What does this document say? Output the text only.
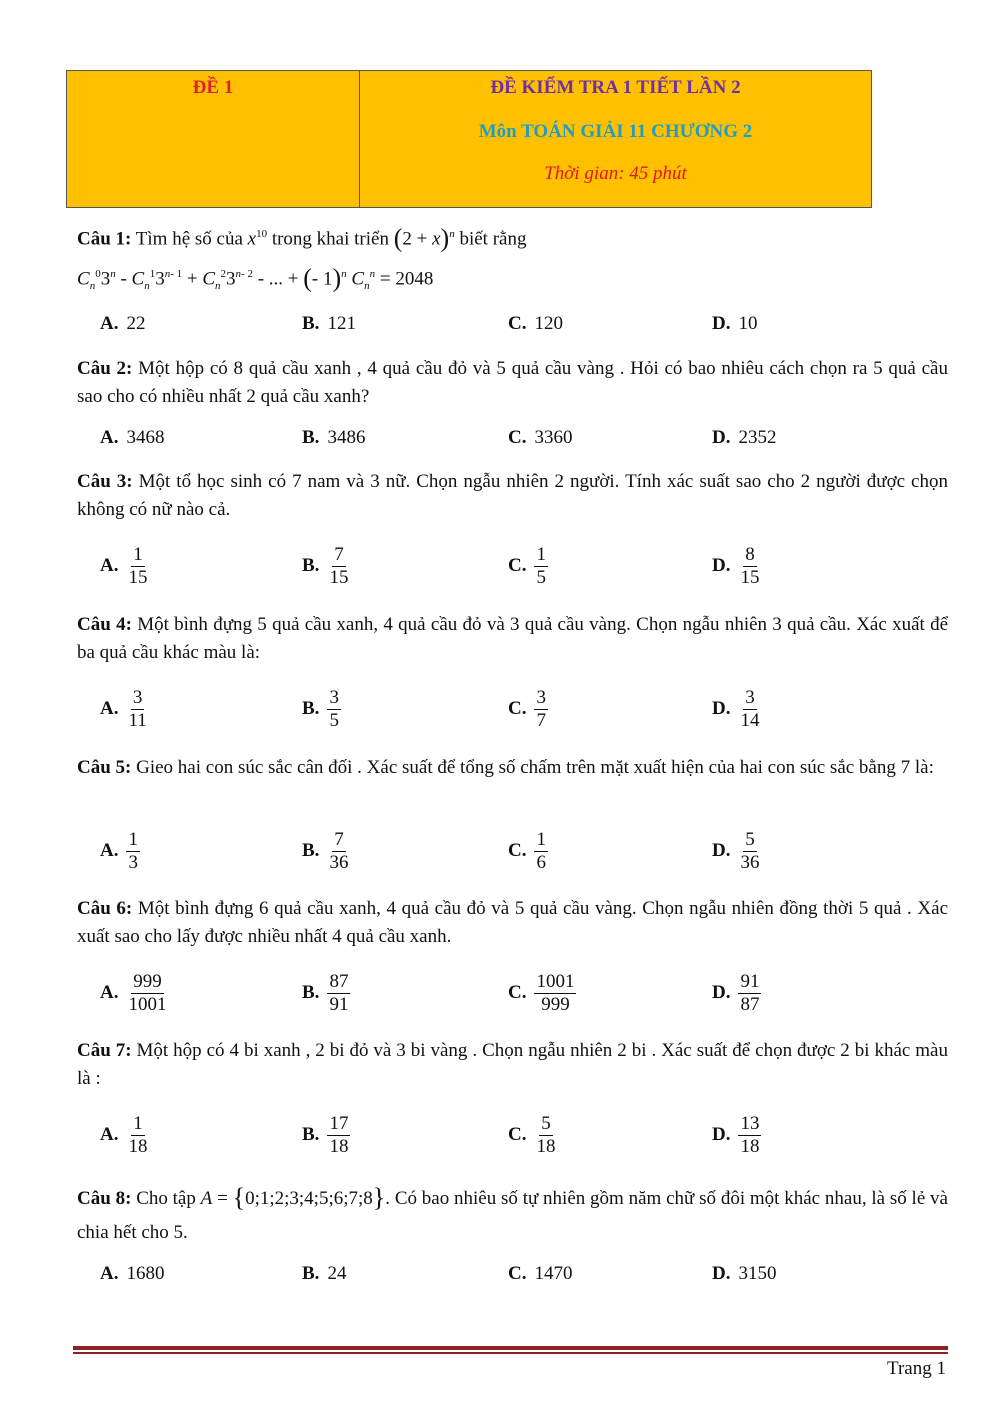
ĐỀ 1	ĐỀ KIỂM TRA 1 TIẾT LẦN 2
Môn TOÁN GIẢI 11 CHƯƠNG 2
Thời gian: 45 phút
Câu 1: Tìm hệ số của $x^{10}$ trong khai triển $(2 + x)^n$ biết rằng
$C_n^03^n - C_n^13^{n- 1} + C_n^23^{n- 2}$ - ... + (- 1)$^n$ $C_n^n = 2048$
A. 22	B. 121	C. 120	D. 10
Câu 2: Một hộp có 8 quả cầu xanh , 4 quả cầu đỏ và 5 quả cầu vàng . Hỏi có bao nhiêu cách chọn ra 5 quả cầu sao cho có nhiều nhất 2 quả cầu xanh?
A. 3468	B. 3486	C. 3360	D. 2352
Câu 3: Một tổ học sinh có 7 nam và 3 nữ. Chọn ngẫu nhiên 2 người. Tính xác suất sao cho 2 người được chọn không có nữ nào cả.
A. $\frac{1}{15}$	B. $\frac{7}{15}$	C. $\frac{1}{5}$	D. $\frac{8}{15}$
Câu 4: Một bình đựng 5 quả cầu xanh, 4 quả cầu đỏ và 3 quả cầu vàng. Chọn ngẫu nhiên 3 quả cầu. Xác xuất để ba quả cầu khác màu là:
A. $\frac{3}{11}$	B. $\frac{3}{5}$	C. $\frac{3}{7}$	D. $\frac{3}{14}$
Câu 5: Gieo hai con súc sắc cân đối . Xác suất để tổng số chấm trên mặt xuất hiện của hai con súc sắc bằng 7 là:
A. $\frac{1}{3}$	B. $\frac{7}{36}$	C. $\frac{1}{6}$	D. $\frac{5}{36}$
Câu 6: Một bình đựng 6 quả cầu xanh, 4 quả cầu đỏ và 5 quả cầu vàng. Chọn ngẫu nhiên đồng thời 5 quả . Xác xuất sao cho lấy được nhiều nhất 4 quả cầu xanh.
A. $\frac{999}{1001}$	B. $\frac{87}{91}$	C. $\frac{1001}{999}$	D. $\frac{91}{87}$
Câu 7: Một hộp có 4 bi xanh , 2 bi đỏ và 3 bi vàng . Chọn ngẫu nhiên 2 bi . Xác suất để chọn được 2 bi khác màu là :
A. $\frac{1}{18}$	B. $\frac{17}{18}$	C. $\frac{5}{18}$	D. $\frac{13}{18}$
Câu 8: Cho tập A = {0;1;2;3;4;5;6;7;8}. Có bao nhiêu số tự nhiên gồm năm chữ số đôi một khác nhau, là số lẻ và chia hết cho 5.
A. 1680	B. 24	C. 1470	D. 3150
Trang 1
